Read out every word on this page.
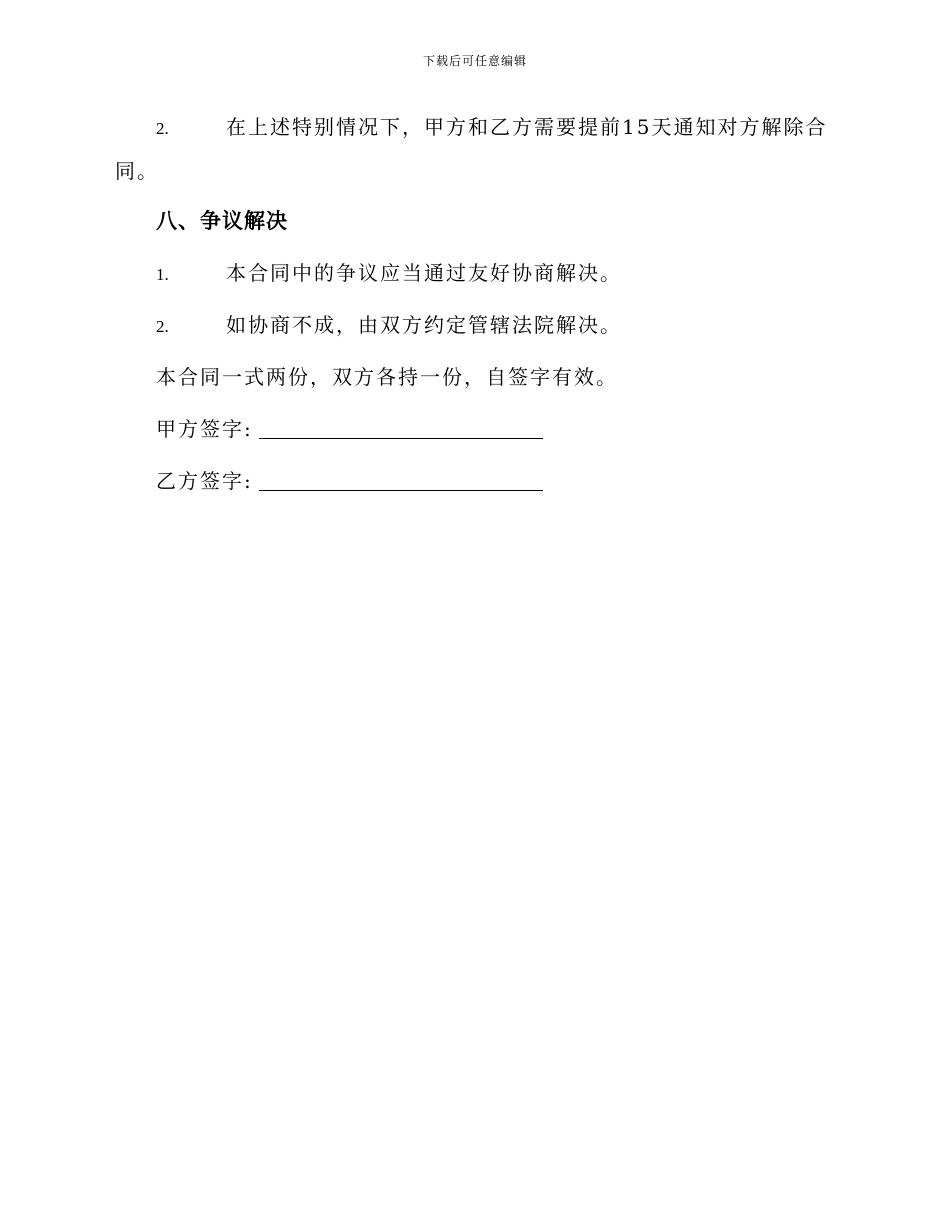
下载后可任意编辑

2.	在上述特别情况下，甲方和乙方需要提前15天通知对方解除合同。

八、争议解决
1.	本合同中的争议应当通过友好协商解决。
2.	如协商不成，由双方约定管辖法院解决。
本合同一式两份，双方各持一份，自签字有效。
甲方签字:
乙方签字:
